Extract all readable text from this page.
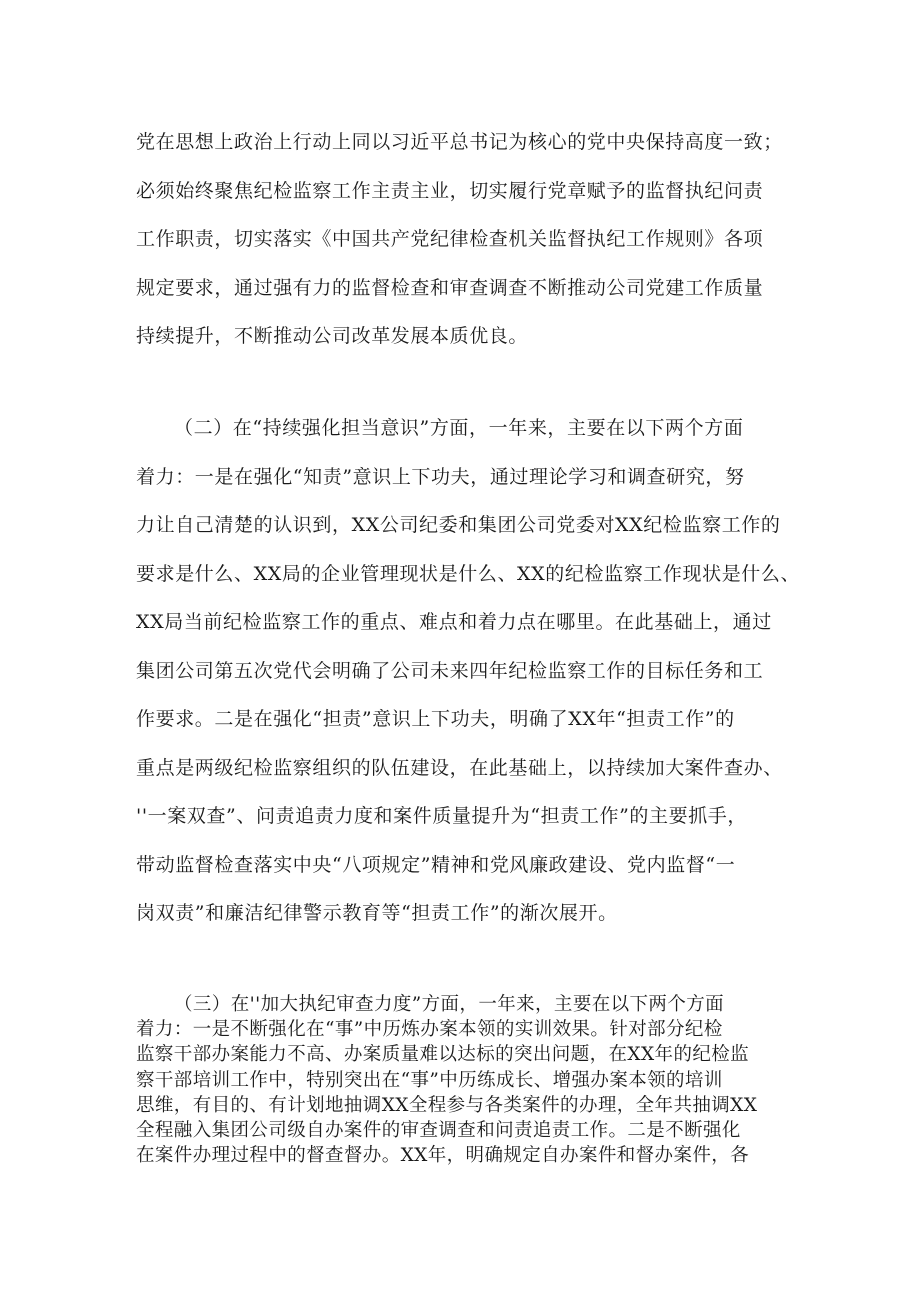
党在思想上政治上行动上同以习近平总书记为核心的党中央保持高度一致；
必须始终聚焦纪检监察工作主责主业，切实履行党章赋予的监督执纪问责
工作职责，切实落实《中国共产党纪律检查机关监督执纪工作规则》各项
规定要求，通过强有力的监督检查和审查调查不断推动公司党建工作质量
持续提升，不断推动公司改革发展本质优良。
（二）在“持续强化担当意识”方面，一年来，主要在以下两个方面
着力：一是在强化“知责”意识上下功夫，通过理论学习和调查研究，努
力让自己清楚的认识到，XX公司纪委和集团公司党委对XX纪检监察工作的
要求是什么、XX局的企业管理现状是什么、XX的纪检监察工作现状是什么、
XX局当前纪检监察工作的重点、难点和着力点在哪里。在此基础上，通过
集团公司第五次党代会明确了公司未来四年纪检监察工作的目标任务和工
作要求。二是在强化“担责”意识上下功夫，明确了XX年“担责工作”的
重点是两级纪检监察组织的队伍建设，在此基础上，以持续加大案件查办、
''一案双查”、问责追责力度和案件质量提升为“担责工作”的主要抓手，
带动监督检查落实中央“八项规定”精神和党风廉政建设、党内监督“一
岗双责”和廉洁纪律警示教育等“担责工作”的渐次展开。
（三）在''加大执纪审查力度”方面，一年来，主要在以下两个方面
着力：一是不断强化在“事”中历炼办案本领的实训效果。针对部分纪检
监察干部办案能力不高、办案质量难以达标的突出问题，在XX年的纪检监
察干部培训工作中，特别突出在“事”中历练成长、增强办案本领的培训
思维，有目的、有计划地抽调XX全程参与各类案件的办理，全年共抽调XX
全程融入集团公司级自办案件的审查调查和问责追责工作。二是不断强化
在案件办理过程中的督查督办。XX年，明确规定自办案件和督办案件，各
